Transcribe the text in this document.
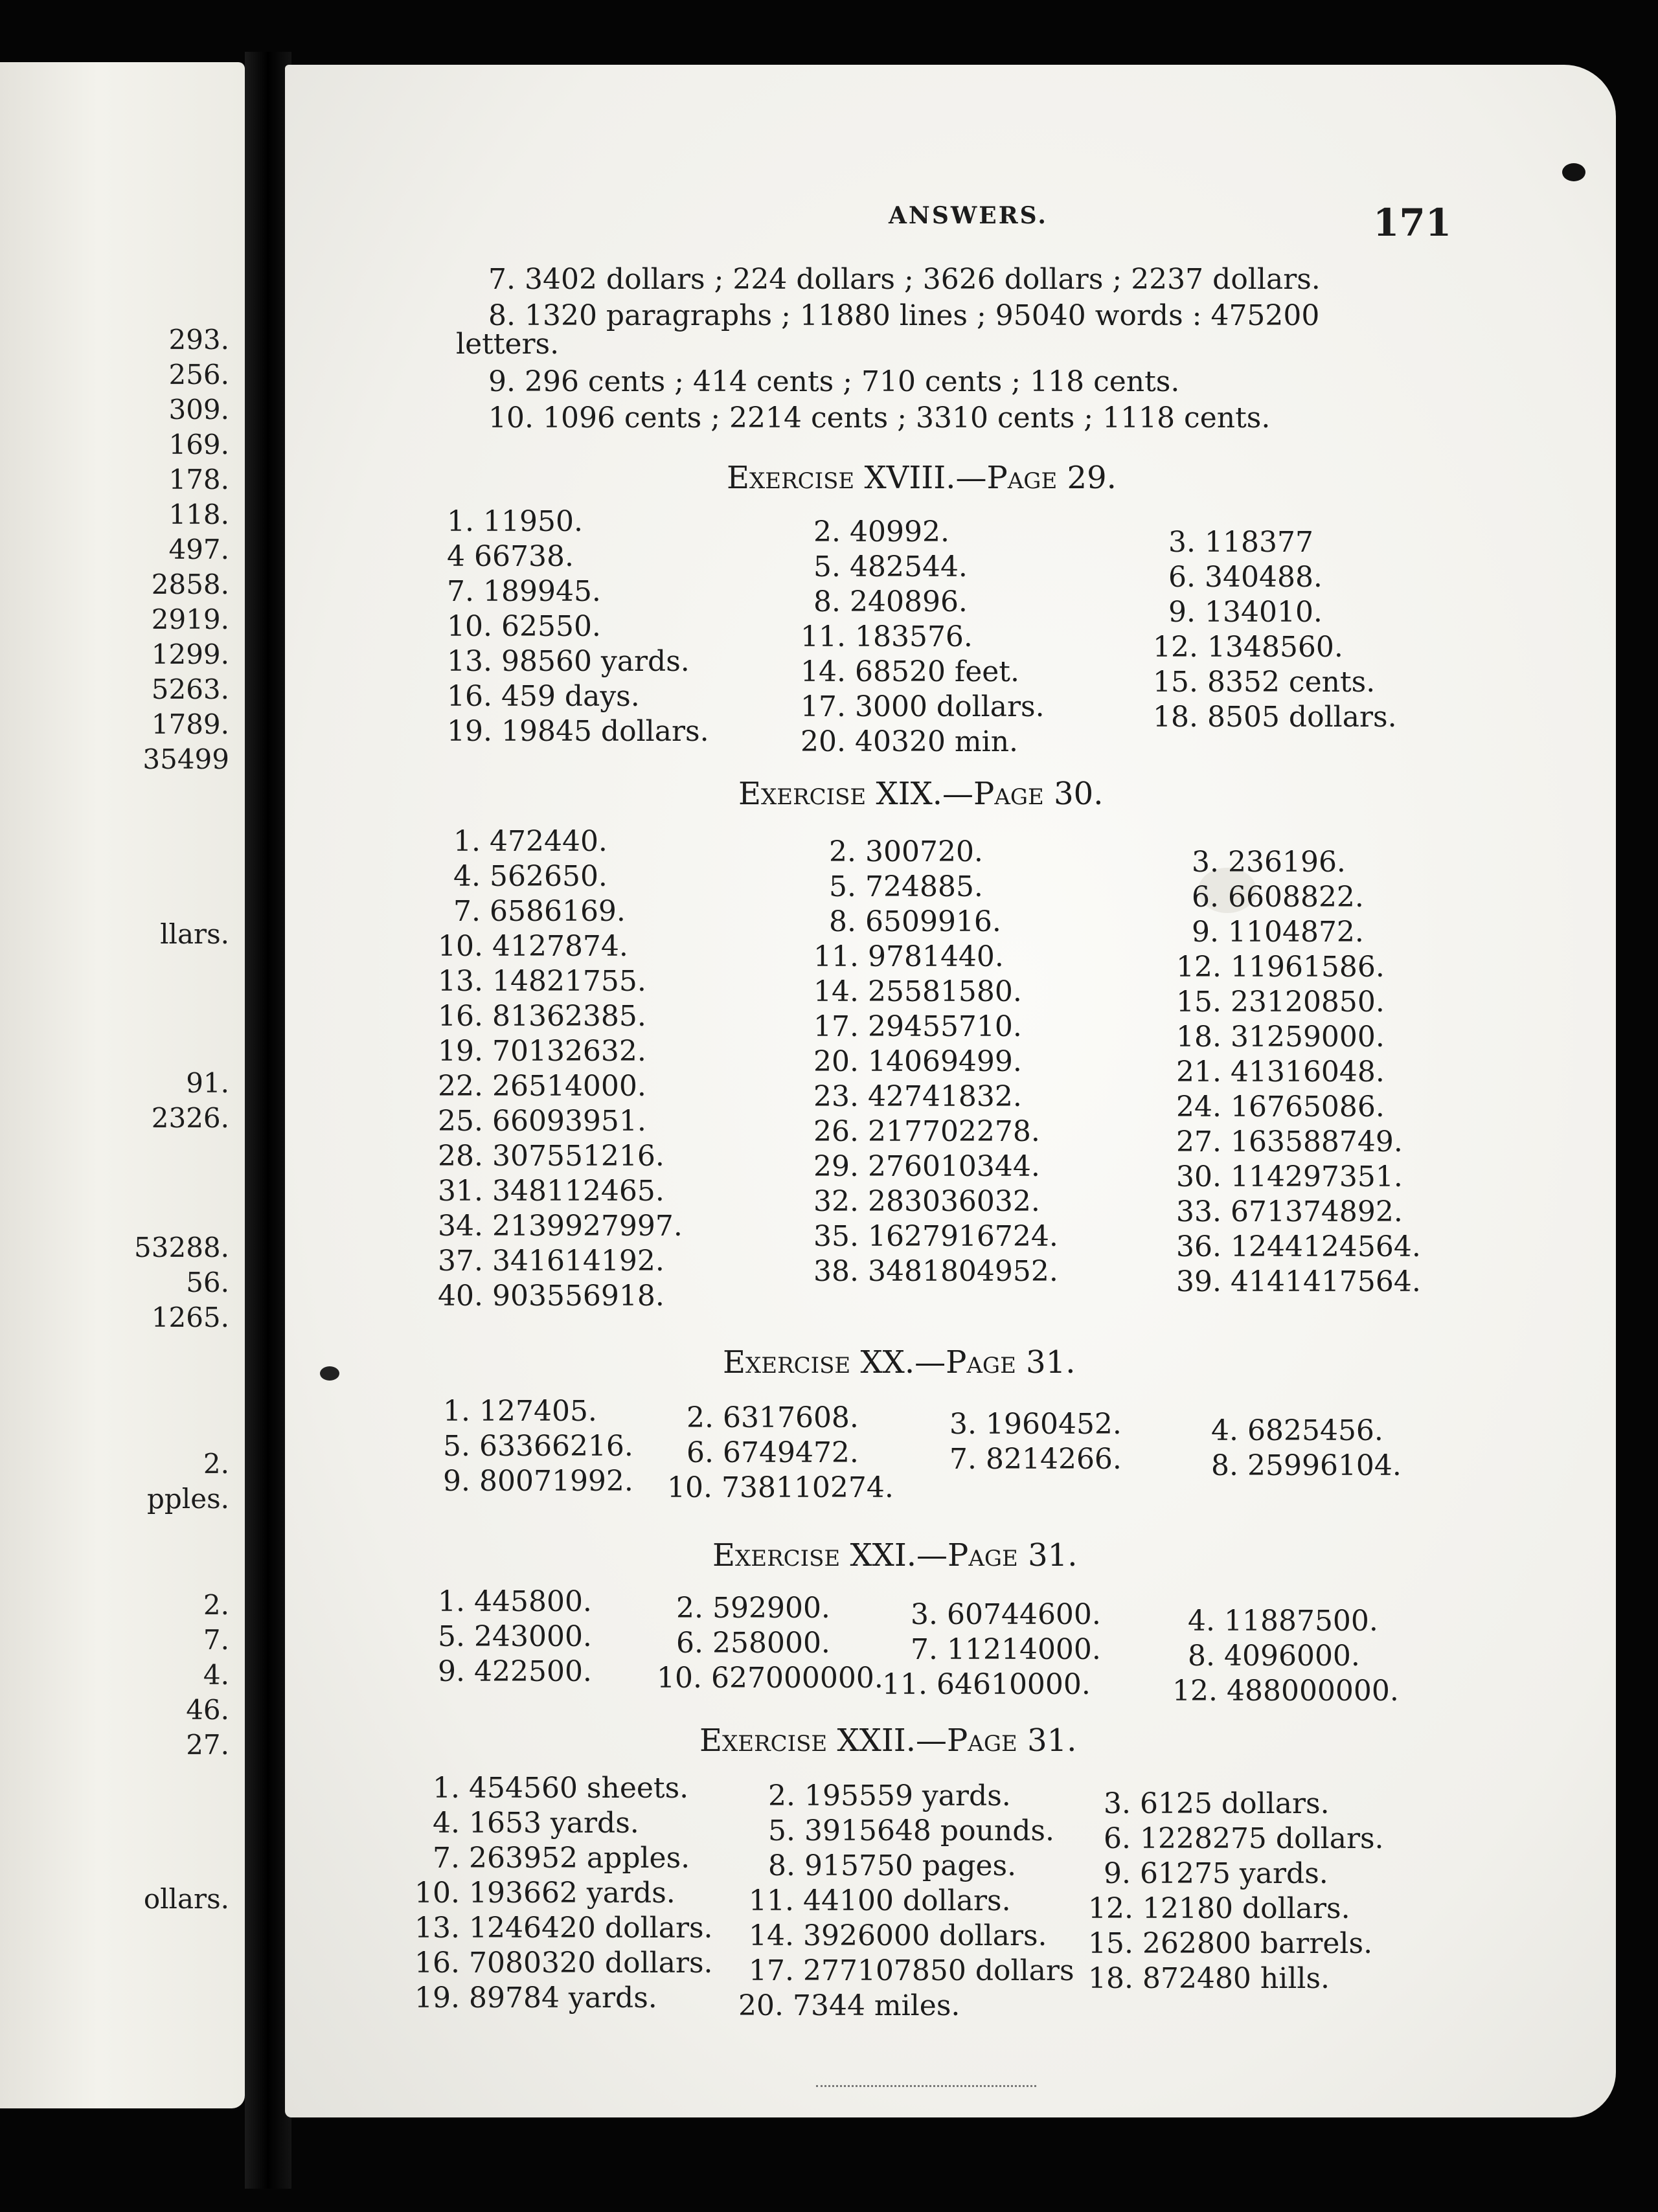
293.
256.
309.
169.
178.
118.
497.
2858.
2919.
1299.
5263.
1789.
35499
llars.
91.
2326.
53288.
56.
1265.
2.
pples.
2.
7.
4.
46.
27.
ollars.
ANSWERS.	171
7. 3402 dollars ; 224 dollars ; 3626 dollars ; 2237 dollars.
8. 1320 paragraphs ; 11880 lines ; 95040 words : 475200
letters.
9. 296 cents ; 414 cents ; 710 cents ; 118 cents.
10. 1096 cents ; 2214 cents ; 3310 cents ; 1118 cents.
Exercise XVIII.—Page 29.
1. 11950.	2. 40992.	3. 118377
4 66738.	5. 482544.	6. 340488.
7. 189945.	8. 240896.	9. 134010.
10. 62550.	11. 183576.	12. 1348560.
13. 98560 yards.	14. 68520 feet.	15. 8352 cents.
16. 459 days.	17. 3000 dollars.	18. 8505 dollars.
19. 19845 dollars.	20. 40320 min.
Exercise XIX.—Page 30.
1. 472440.	2. 300720.	3. 236196.
4. 562650.	5. 724885.	6. 6608822.
7. 6586169.	8. 6509916.	9. 1104872.
10. 4127874.	11. 9781440.	12. 11961586.
13. 14821755.	14. 25581580.	15. 23120850.
16. 81362385.	17. 29455710.	18. 31259000.
19. 70132632.	20. 14069499.	21. 41316048.
22. 26514000.	23. 42741832.	24. 16765086.
25. 66093951.	26. 217702278.	27. 163588749.
28. 307551216.	29. 276010344.	30. 114297351.
31. 348112465.	32. 283036032.	33. 671374892.
34. 2139927997.	35. 1627916724.	36. 1244124564.
37. 341614192.	38. 3481804952.	39. 4141417564.
40. 903556918.
Exercise XX.—Page 31.
1. 127405.	2. 6317608.	3. 1960452.	4. 6825456.
5. 63366216. 6. 6749472.	7. 8214266.	8. 25996104.
9. 80071992. 10. 738110274.
Exercise XXI.—Page 31.
1. 445800.	2. 592900.	3. 60744600.	4. 11887500.
5. 243000.	6. 258000.	7. 11214000.	8. 4096000.
9. 422500. 10. 627000000.
11. 64610000.	12. 488000000.
Exercise XXII.—Page 31.
1. 454560 sheets.	2. 195559 yards.	3. 6125 dollars.
4. 1653 yards.	5. 3915648 pounds. 6. 1228275 dollars.
7. 263952 apples.	8. 915750 pages.	9. 61275 yards.
10. 193662 yards.	11. 44100 dollars.	12. 12180 dollars.
13. 1246420 dollars. 14. 3926000 dollars. 15. 262800 barrels.
16. 7080320 dollars. 17. 277107850 dollars 18. 872480 hills.
19. 89784 yards.	20. 7344 miles.
